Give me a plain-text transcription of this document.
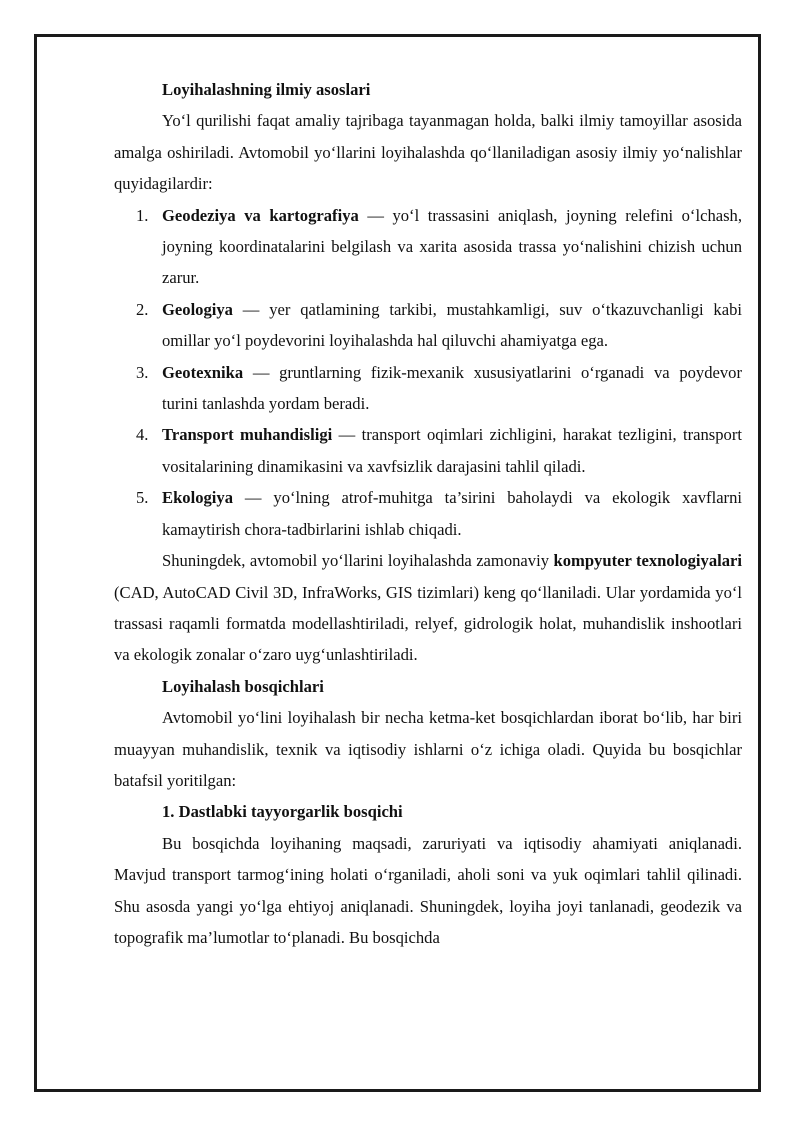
Loyihalashning ilmiy asoslari

Yo‘l qurilishi faqat amaliy tajribaga tayanmagan holda, balki ilmiy tamoyillar asosida amalga oshiriladi. Avtomobil yo‘llarini loyihalashda qo‘llaniladigan asosiy ilmiy yo‘nalishlar quyidagilardir:

1. Geodeziya va kartografiya — yo‘l trassasini aniqlash, joyning relefini o‘lchash, joyning koordinatalarini belgilash va xarita asosida trassa yo‘nalishini chizish uchun zarur.
2. Geologiya — yer qatlamining tarkibi, mustahkamligi, suv o‘tkazuvchanligi kabi omillar yo‘l poydevorini loyihalashda hal qiluvchi ahamiyatga ega.
3. Geotexnika — gruntlarning fizik-mexanik xususiyatlarini o‘rganadi va poydevor turini tanlashda yordam beradi.
4. Transport muhandisligi — transport oqimlari zichligini, harakat tezligini, transport vositalarining dinamikasini va xavfsizlik darajasini tahlil qiladi.
5. Ekologiya — yo‘lning atrof-muhitga ta’sirini baholaydi va ekologik xavflarni kamaytirish chora-tadbirlarini ishlab chiqadi.

Shuningdek, avtomobil yo‘llarini loyihalashda zamonaviy kompyuter texnologiyalari (CAD, AutoCAD Civil 3D, InfraWorks, GIS tizimlari) keng qo‘llaniladi. Ular yordamida yo‘l trassasi raqamli formatda modellashtiriladi, relyef, gidrologik holat, muhandislik inshootlari va ekologik zonalar o‘zaro uyg‘unlashtiriladi.

Loyihalash bosqichlari

Avtomobil yo‘lini loyihalash bir necha ketma-ket bosqichlardan iborat bo‘lib, har biri muayyan muhandislik, texnik va iqtisodiy ishlarni o‘z ichiga oladi. Quyida bu bosqichlar batafsil yoritilgan:

1. Dastlabki tayyorgarlik bosqichi

Bu bosqichda loyihaning maqsadi, zaruriyati va iqtisodiy ahamiyati aniqlanadi. Mavjud transport tarmog‘ining holati o‘rganiladi, aholi soni va yuk oqimlari tahlil qilinadi. Shu asosda yangi yo‘lga ehtiyoj aniqlanadi. Shuningdek, loyiha joyi tanlanadi, geodezik va topografik ma’lumotlar to‘planadi. Bu bosqichda
